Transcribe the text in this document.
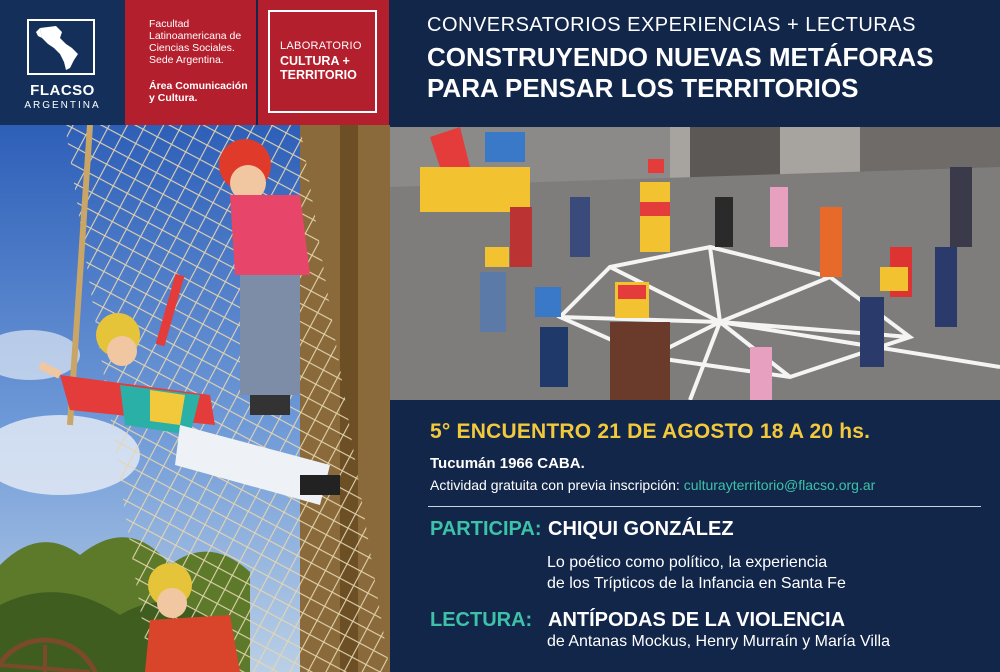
FLACSO
ARGENTINA
Facultad
Latinoamericana de
Ciencias Sociales.
Sede Argentina.
Área Comunicación
y Cultura.
LABORATORIO
CULTURA +
TERRITORIO
CONVERSATORIOS EXPERIENCIAS + LECTURAS
CONSTRUYENDO NUEVAS METÁFORAS
PARA PENSAR LOS TERRITORIOS
5° ENCUENTRO 21 DE AGOSTO 18 A 20 hs.
Tucumán 1966 CABA.
Actividad gratuita con previa inscripción: culturayterritorio@flacso.org.ar
PARTICIPA: CHIQUI GONZÁLEZ
Lo poético como político, la experiencia
de los Trípticos de la Infancia en Santa Fe
LECTURA: ANTÍPODAS DE LA VIOLENCIA
de Antanas Mockus, Henry Murraín y María Villa
